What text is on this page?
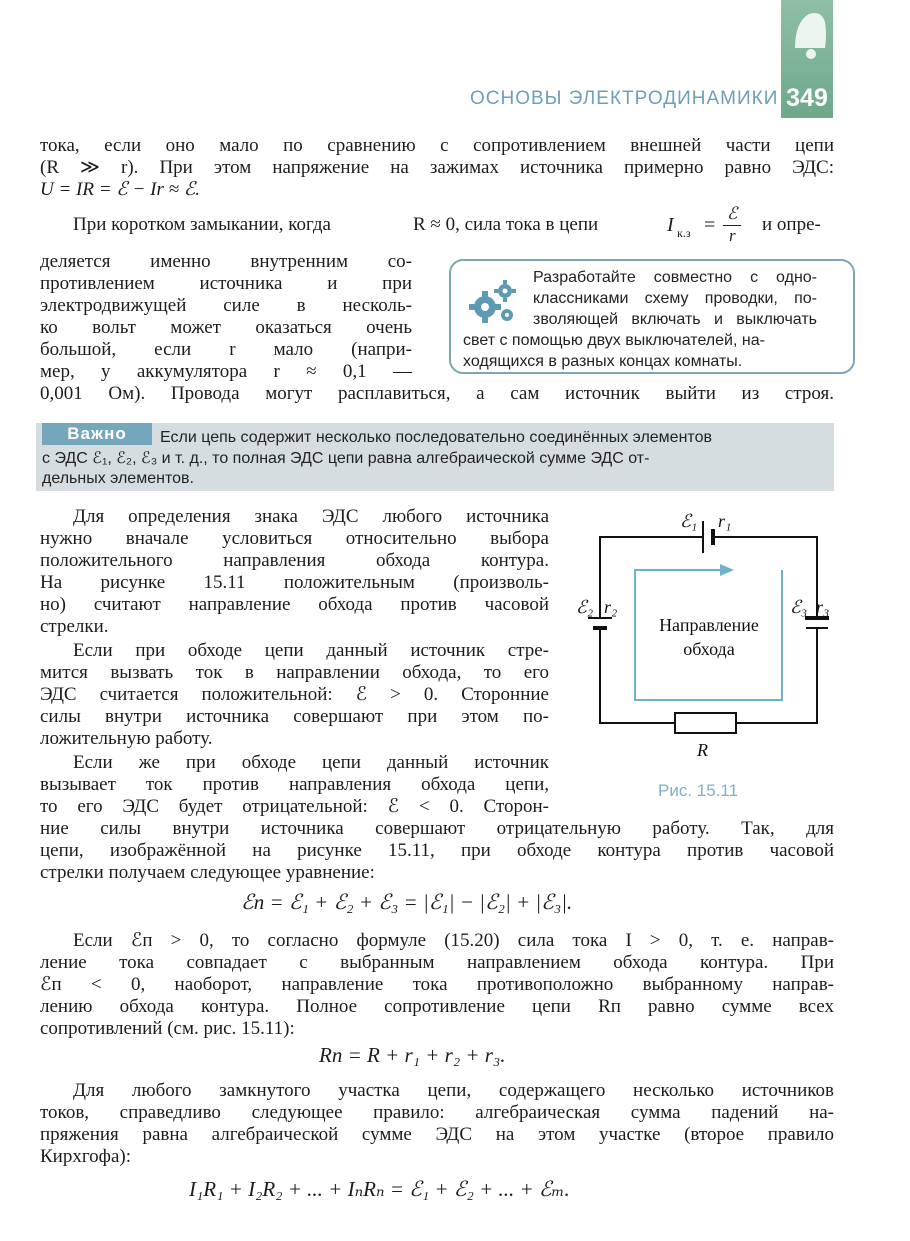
ОСНОВЫ ЭЛЕКТРОДИНАМИКИ 349
тока, если оно мало по сравнению с сопротивлением внешней части цепи
(R ≫ r). При этом напряжение на зажимах источника примерно равно ЭДС:
U = IR = ℰ − Ir ≈ ℰ.
При коротком замыкании, когда	R ≈ 0, сила тока в цепи	I к.з =
ℰ
r
и опре-
деляется именно внутренним со-
противлением источника и при
электродвижущей силе в несколь-
ко вольт может оказаться очень
большой, если r мало (напри-
мер, у аккумулятора r ≈ 0,1 —
0,001 Ом). Провода могут расплавиться, а сам источник выйти из строя.
Разработайте совместно с одно-
классниками схему проводки, по-
зволяющей включать и выключать
свет с помощью двух выключателей, на-
ходящихся в разных концах комнаты.
Важно	Если цепь содержит несколько последовательно соединённых элементов
с ЭДС ℰ₁, ℰ₂, ℰ₃ и т. д., то полная ЭДС цепи равна алгебраической сумме ЭДС от-
дельных элементов.
Для определения знака ЭДС любого источника
нужно вначале условиться относительно выбора
положительного направления обхода контура.
На рисунке 15.11 положительным (произволь-
но) считают направление обхода против часовой
стрелки.
Если при обходе цепи данный источник стре-
мится вызвать ток в направлении обхода, то его
ЭДС считается положительной: ℰ > 0. Сторонние
силы внутри источника совершают при этом по-
ложительную работу.
Если же при обходе цепи данный источник
вызывает ток против направления обхода цепи,
то его ЭДС будет отрицательной: ℰ < 0. Сторон-
ние силы внутри источника совершают отрицательную работу. Так, для
цепи, изображённой на рисунке 15.11, при обходе контура против часовой
стрелки получаем следующее уравнение:
ℰ₁ r₁
ℰ₂ r₂	ℰ₃ r₃
R
Направление
обхода
Рис. 15.11
ℰп = ℰ₁ + ℰ₂ + ℰ₃ = |ℰ₁| − |ℰ₂| + |ℰ₃|.
Если ℰп > 0, то согласно формуле (15.20) сила тока I > 0, т. е. направ-
ление тока совпадает с выбранным направлением обхода контура. При
ℰп < 0, наоборот, направление тока противоположно выбранному направ-
лению обхода контура. Полное сопротивление цепи Rп равно сумме всех
сопротивлений (см. рис. 15.11):
Rп = R + r₁ + r₂ + r₃.
Для любого замкнутого участка цепи, содержащего несколько источников
токов, справедливо следующее правило: алгебраическая сумма падений на-
пряжения равна алгебраической сумме ЭДС на этом участке (второе правило
Кирхгофа):
I₁R₁ + I₂R₂ + ... + IₙRₙ = ℰ₁ + ℰ₂ + ... + ℰₘ.
